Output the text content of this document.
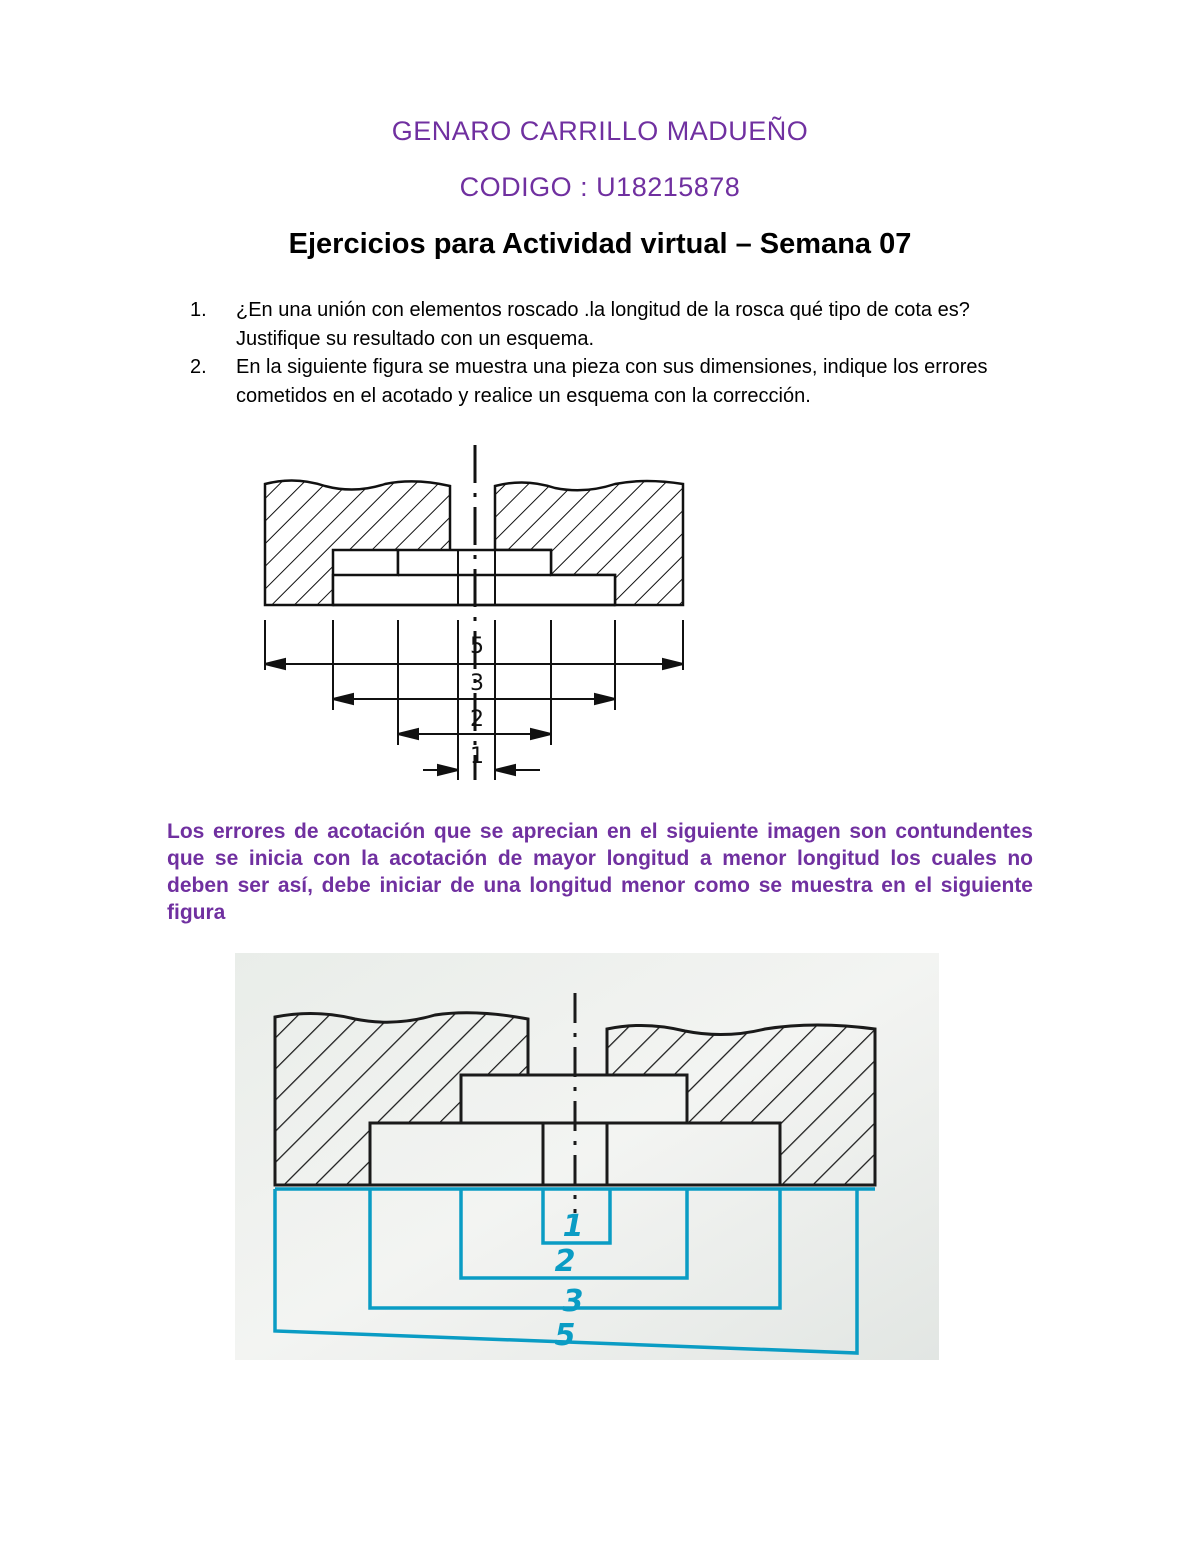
GENARO CARRILLO MADUEÑO
CODIGO : U18215878
Ejercicios para Actividad virtual – Semana 07
1.	¿En una unión con elementos roscado .la longitud de la rosca qué tipo de cota es? Justifique su resultado con un esquema.
2.	En la siguiente figura se muestra una pieza con sus dimensiones, indique los errores cometidos en el acotado y realice un esquema con la corrección.
5
3
2
1
Los errores de acotación que se aprecian en el siguiente imagen son contundentes que se inicia con la acotación de mayor longitud a menor longitud los cuales no deben ser así, debe iniciar de una longitud menor como se muestra en el siguiente figura
1
2
3
5
